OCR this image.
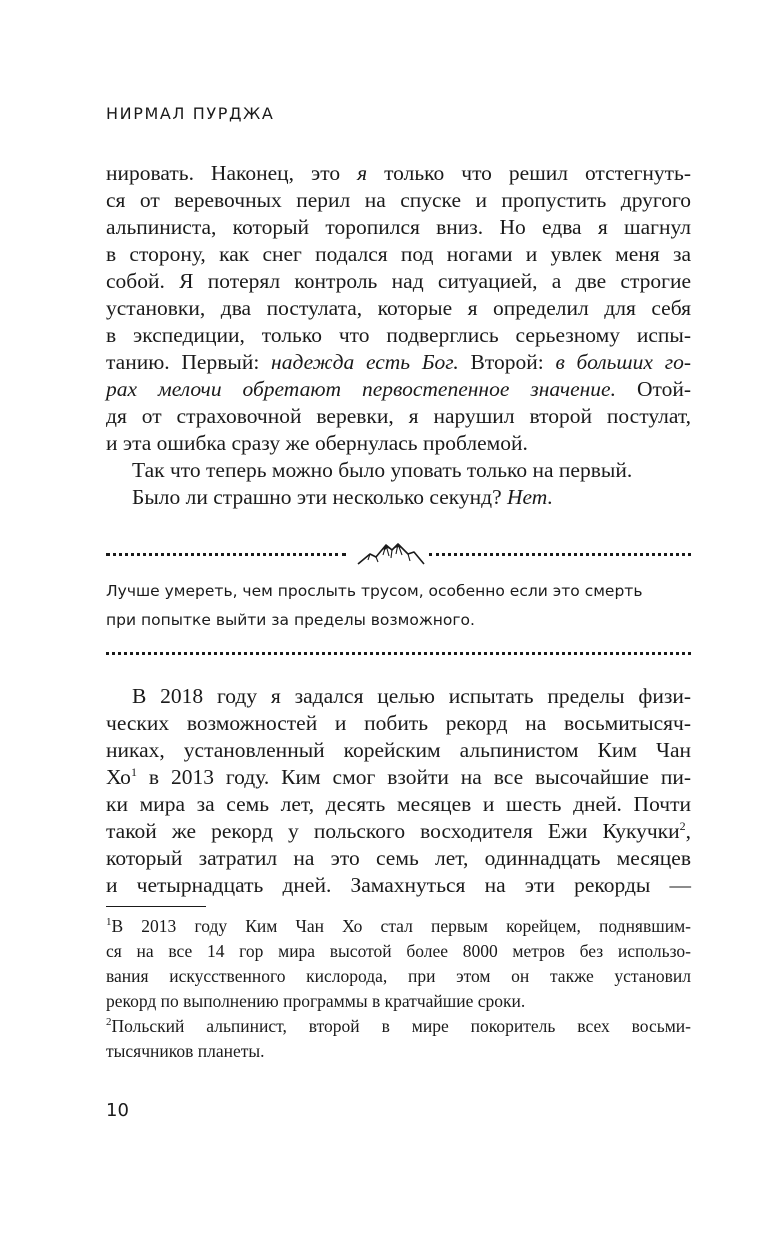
НИРМАЛ ПУРДЖА

нировать. Наконец, это я только что решил отстегнуть-

ся от веревочных перил на спуске и пропустить другого

альпиниста, который торопился вниз. Но едва я шагнул

в сторону, как снег подался под ногами и увлек меня за

собой. Я потерял контроль над ситуацией, а две строгие

установки, два постулата, которые я определил для себя

в экспедиции, только что подверглись серьезному испы-

танию. Первый: надежда есть Бог. Второй: в больших го-

рах мелочи обретают первостепенное значение. Отой-

дя от страховочной веревки, я нарушил второй постулат,

и эта ошибка сразу же обернулась проблемой.

Так что теперь можно было уповать только на первый.

Было ли страшно эти несколько секунд? Нет.

Лучше умереть, чем прослыть трусом, особенно если это смерть
при попытке выйти за пределы возможного.

В 2018 году я задался целью испытать пределы физи-

ческих возможностей и побить рекорд на восьмитысяч-

никах, установленный корейским альпинистом Ким Чан

$Хо^1$ в 2013 году. Ким смог взойти на все высочайшие пи-

ки мира за семь лет, десять месяцев и шесть дней. Почти

такой же рекорд у польского восходителя Ежи Кукучки$^2$,

который затратил на это семь лет, одиннадцать месяцев

и четырнадцать дней. Замахнуться на эти рекорды —

$^1$В 2013 году Ким Чан Хо стал первым корейцем, поднявшим-

ся на все 14 гор мира высотой более 8000 метров без использо-

вания искусственного кислорода, при этом он также установил

рекорд по выполнению программы в кратчайшие сроки.

$^2$Польский альпинист, второй в мире покоритель всех восьми-

тысячников планеты.

10
